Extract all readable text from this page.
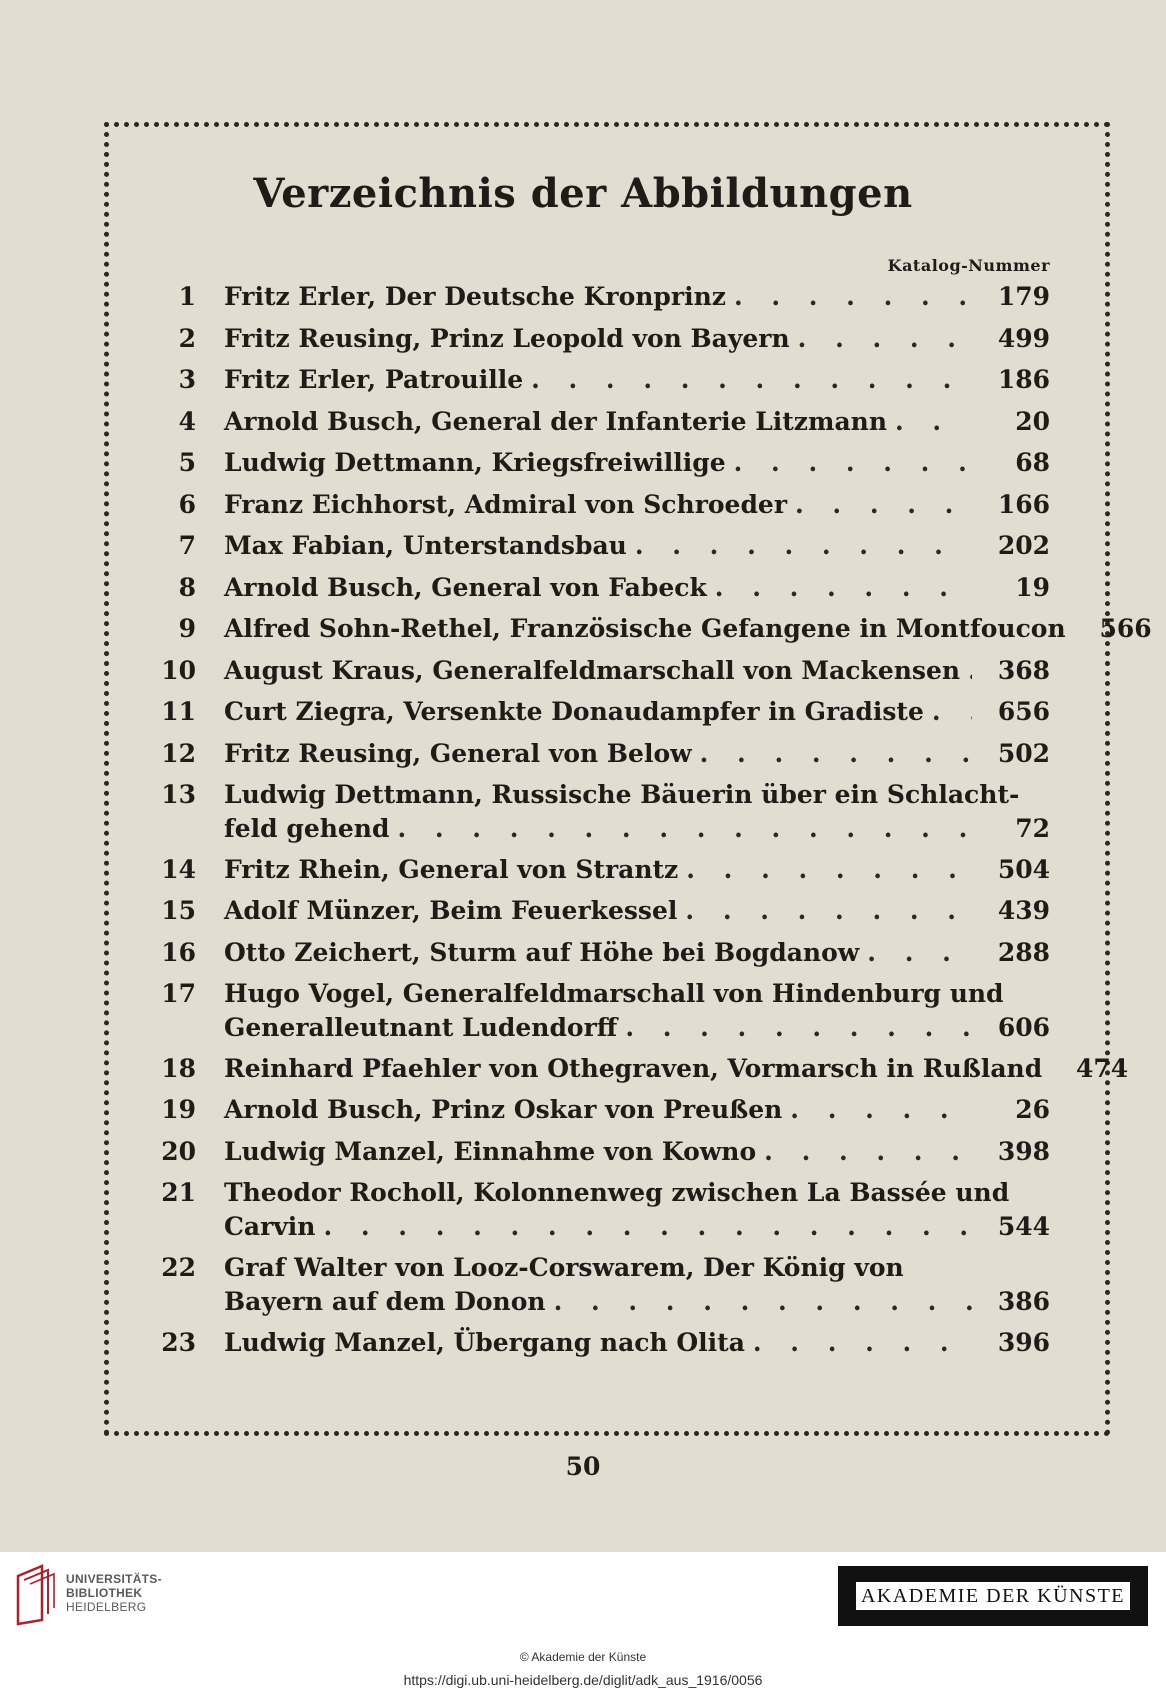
Verzeichnis der Abbildungen
Katalog-Nummer
1 Fritz Erler, Der Deutsche Kronprinz . . .	179
2 Fritz Reusing, Prinz Leopold von Bayern . . .	499
3 Fritz Erler, Patrouille . . .	186
4 Arnold Busch, General der Infanterie Litzmann . . .	20
5 Ludwig Dettmann, Kriegsfreiwillige . . .	68
6 Franz Eichhorst, Admiral von Schroeder . . .	166
7 Max Fabian, Unterstandsbau . . .	202
8 Arnold Busch, General von Fabeck . . .	19
9 Alfred Sohn-Rethel, Französische Gefangene in Montfoucon	566
10 August Kraus, Generalfeldmarschall von Mackensen . . .	368
11 Curt Ziegra, Versenkte Donaudampfer in Gradiste . . .	656
12 Fritz Reusing, General von Below . . .	502
13 Ludwig Dettmann, Russische Bäuerin über ein Schlacht-
feld gehend . . .	72
14 Fritz Rhein, General von Strantz . . .	504
15 Adolf Münzer, Beim Feuerkessel . . .	439
16 Otto Zeichert, Sturm auf Höhe bei Bogdanow . . .	288
17 Hugo Vogel, Generalfeldmarschall von Hindenburg und
Generalleutnant Ludendorff . . .	606
18 Reinhard Pfaehler von Othegraven, Vormarsch in Rußland	474
19 Arnold Busch, Prinz Oskar von Preußen . . .	26
20 Ludwig Manzel, Einnahme von Kowno . . .	398
21 Theodor Rocholl, Kolonnenweg zwischen La Bassée und
Carvin . . .	544
22 Graf Walter von Looz-Corswarem, Der König von
Bayern auf dem Donon . . .	386
23 Ludwig Manzel, Übergang nach Olita . . .	396
50
UNIVERSITÄTS-
BIBLIOTHEK
HEIDELBERG	AKADEMIE DER KÜNSTE
© Akademie der Künste
https://digi.ub.uni-heidelberg.de/diglit/adk_aus_1916/0056
